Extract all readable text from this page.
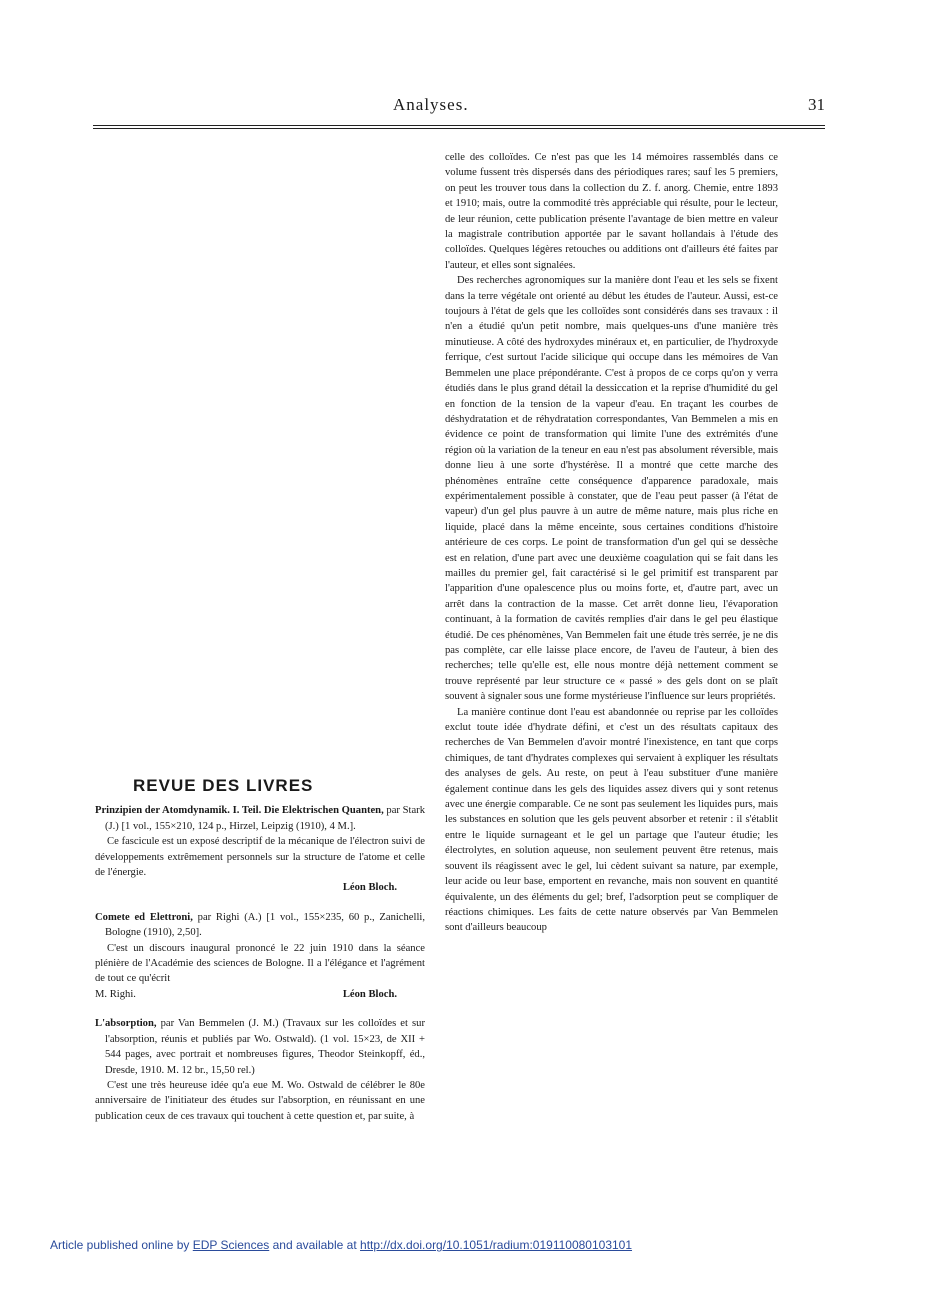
Analyses.	31
REVUE DES LIVRES

Prinzipien der Atomdynamik. I. Teil. Die Elektrischen Quanten, par Stark (J.) [1 vol., 155×210, 124 p., Hirzel, Leipzig (1910), 4 M.].

Ce fascicule est un exposé descriptif de la mécanique de l'électron suivi de développements extrêmement personnels sur la structure de l'atome et celle de l'énergie.

Léon Bloch.

Comete ed Elettroni, par Righi (A.) [1 vol., 155×235, 60 p., Zanichelli, Bologne (1910), 2,50].

C'est un discours inaugural prononcé le 22 juin 1910 dans la séance plénière de l'Académie des sciences de Bologne. Il a l'élégance et l'agrément de tout ce qu'écrit

M. Righi.	Léon Bloch.

L'absorption, par Van Bemmelen (J. M.) (Travaux sur les colloïdes et sur l'absorption, réunis et publiés par Wo. Ostwald). (1 vol. 15×23, de XII + 544 pages, avec portrait et nombreuses figures, Theodor Steinkopff, éd., Dresde, 1910. M. 12 br., 15,50 rel.)

C'est une très heureuse idée qu'a eue M. Wo. Ostwald de célébrer le 80e anniversaire de l'initiateur des études sur l'absorption, en réunissant en une publication ceux de ces travaux qui touchent à cette question et, par suite, à

celle des colloïdes. Ce n'est pas que les 14 mémoires rassemblés dans ce volume fussent très dispersés dans des périodiques rares; sauf les 5 premiers, on peut les trouver tous dans la collection du Z. f. anorg. Chemie, entre 1893 et 1910; mais, outre la commodité très appréciable qui résulte, pour le lecteur, de leur réunion, cette publication présente l'avantage de bien mettre en valeur la magistrale contribution apportée par le savant hollandais à l'étude des colloïdes. Quelques légères retouches ou additions ont d'ailleurs été faites par l'auteur, et elles sont signalées.

Des recherches agronomiques sur la manière dont l'eau et les sels se fixent dans la terre végétale ont orienté au début les études de l'auteur. Aussi, est-ce toujours à l'état de gels que les colloïdes sont considérés dans ses travaux : il n'en a étudié qu'un petit nombre, mais quelques-uns d'une manière très minutieuse. A côté des hydroxydes minéraux et, en particulier, de l'hydroxyde ferrique, c'est surtout l'acide silicique qui occupe dans les mémoires de Van Bemmelen une place prépondérante. C'est à propos de ce corps qu'on y verra étudiés dans le plus grand détail la dessiccation et la reprise d'humidité du gel en fonction de la tension de la vapeur d'eau. En traçant les courbes de déshydratation et de réhydratation correspondantes, Van Bemmelen a mis en évidence ce point de transformation qui limite l'une des extrémités d'une région où la variation de la teneur en eau n'est pas absolument réversible, mais donne lieu à une sorte d'hystérèse. Il a montré que cette marche des phénomènes entraîne cette conséquence d'apparence paradoxale, mais expérimentalement possible à constater, que de l'eau peut passer (à l'état de vapeur) d'un gel plus pauvre à un autre de même nature, mais plus riche en liquide, placé dans la même enceinte, sous certaines conditions d'histoire antérieure de ces corps. Le point de transformation d'un gel qui se dessèche est en relation, d'une part avec une deuxième coagulation qui se fait dans les mailles du premier gel, fait caractérisé si le gel primitif est transparent par l'apparition d'une opalescence plus ou moins forte, et, d'autre part, avec un arrêt dans la contraction de la masse. Cet arrêt donne lieu, l'évaporation continuant, à la formation de cavités remplies d'air dans le gel peu élastique étudié. De ces phénomènes, Van Bemmelen fait une étude très serrée, je ne dis pas complète, car elle laisse place encore, de l'aveu de l'auteur, à bien des recherches; telle qu'elle est, elle nous montre déjà nettement comment se trouve représenté par leur structure ce « passé » des gels dont on se plaît souvent à signaler sous une forme mystérieuse l'influence sur leurs propriétés.

La manière continue dont l'eau est abandonnée ou reprise par les colloïdes exclut toute idée d'hydrate défini, et c'est un des résultats capitaux des recherches de Van Bemmelen d'avoir montré l'inexistence, en tant que corps chimiques, de tant d'hydrates complexes qui servaient à expliquer les résultats des analyses de gels. Au reste, on peut à l'eau substituer d'une manière également continue dans les gels des liquides assez divers qui y sont retenus avec une énergie comparable. Ce ne sont pas seulement les liquides purs, mais les substances en solution que les gels peuvent absorber et retenir : il s'établit entre le liquide surnageant et le gel un partage que l'auteur étudie; les électrolytes, en solution aqueuse, non seulement peuvent être retenus, mais souvent ils réagissent avec le gel, lui cèdent suivant sa nature, par exemple, leur acide ou leur base, emportent en revanche, mais non souvent en quantité équivalente, un des éléments du gel; bref, l'adsorption peut se compliquer de réactions chimiques. Les faits de cette nature observés par Van Bemmelen sont d'ailleurs beaucoup

Article published online by EDP Sciences and available at http://dx.doi.org/10.1051/radium:019110080103101
